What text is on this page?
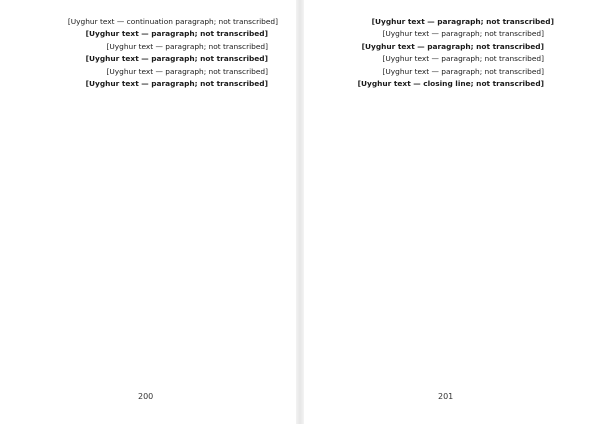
[Uyghur text — continuation paragraph; not transcribed]

[Uyghur text — paragraph; not transcribed]

[Uyghur text — paragraph; not transcribed]

[Uyghur text — paragraph; not transcribed]

[Uyghur text — paragraph; not transcribed]

[Uyghur text — paragraph; not transcribed]

200

[Uyghur text — paragraph; not transcribed]

[Uyghur text — paragraph; not transcribed]

[Uyghur text — paragraph; not transcribed]

[Uyghur text — paragraph; not transcribed]

[Uyghur text — paragraph; not transcribed]

[Uyghur text — closing line; not transcribed]

201
